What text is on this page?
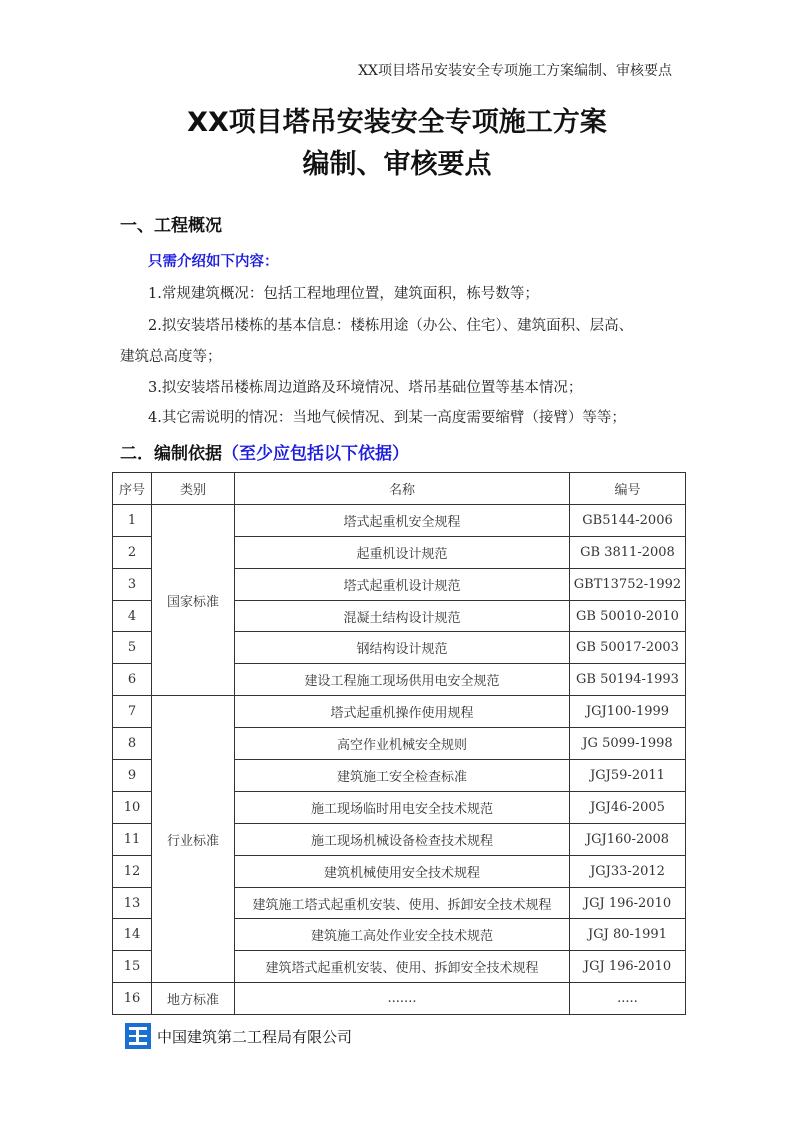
XX项目塔吊安装安全专项施工方案编制、审核要点
XX项目塔吊安装安全专项施工方案
编制、审核要点
一、工程概况
只需介绍如下内容：
1.常规建筑概况：包括工程地理位置，建筑面积，栋号数等；
2.拟安装塔吊楼栋的基本信息：楼栋用途（办公、住宅）、建筑面积、层高、
建筑总高度等；
3.拟安装塔吊楼栋周边道路及环境情况、塔吊基础位置等基本情况；
4.其它需说明的情况：当地气候情况、到某一高度需要缩臂（接臂）等等；
二．编制依据（至少应包括以下依据）
序号	类别	名称	编号
1	国家标准	塔式起重机安全规程	GB5144-2006
2		起重机设计规范	GB 3811-2008
3		塔式起重机设计规范	GBT13752-1992
4		混凝土结构设计规范	GB 50010-2010
5		钢结构设计规范	GB 50017-2003
6		建设工程施工现场供用电安全规范	GB 50194-1993
7	行业标准	塔式起重机操作使用规程	JGJ100-1999
8		高空作业机械安全规则	JG 5099-1998
9		建筑施工安全检查标准	JGJ59-2011
10		施工现场临时用电安全技术规范	JGJ46-2005
11		施工现场机械设备检查技术规程	JGJ160-2008
12		建筑机械使用安全技术规程	JGJ33-2012
13		建筑施工塔式起重机安装、使用、拆卸安全技术规程	JGJ 196-2010
14		建筑施工高处作业安全技术规范	JGJ 80-1991
15		建筑塔式起重机安装、使用、拆卸安全技术规程	JGJ 196-2010
16	地方标准	.......	.....
中国建筑第二工程局有限公司
